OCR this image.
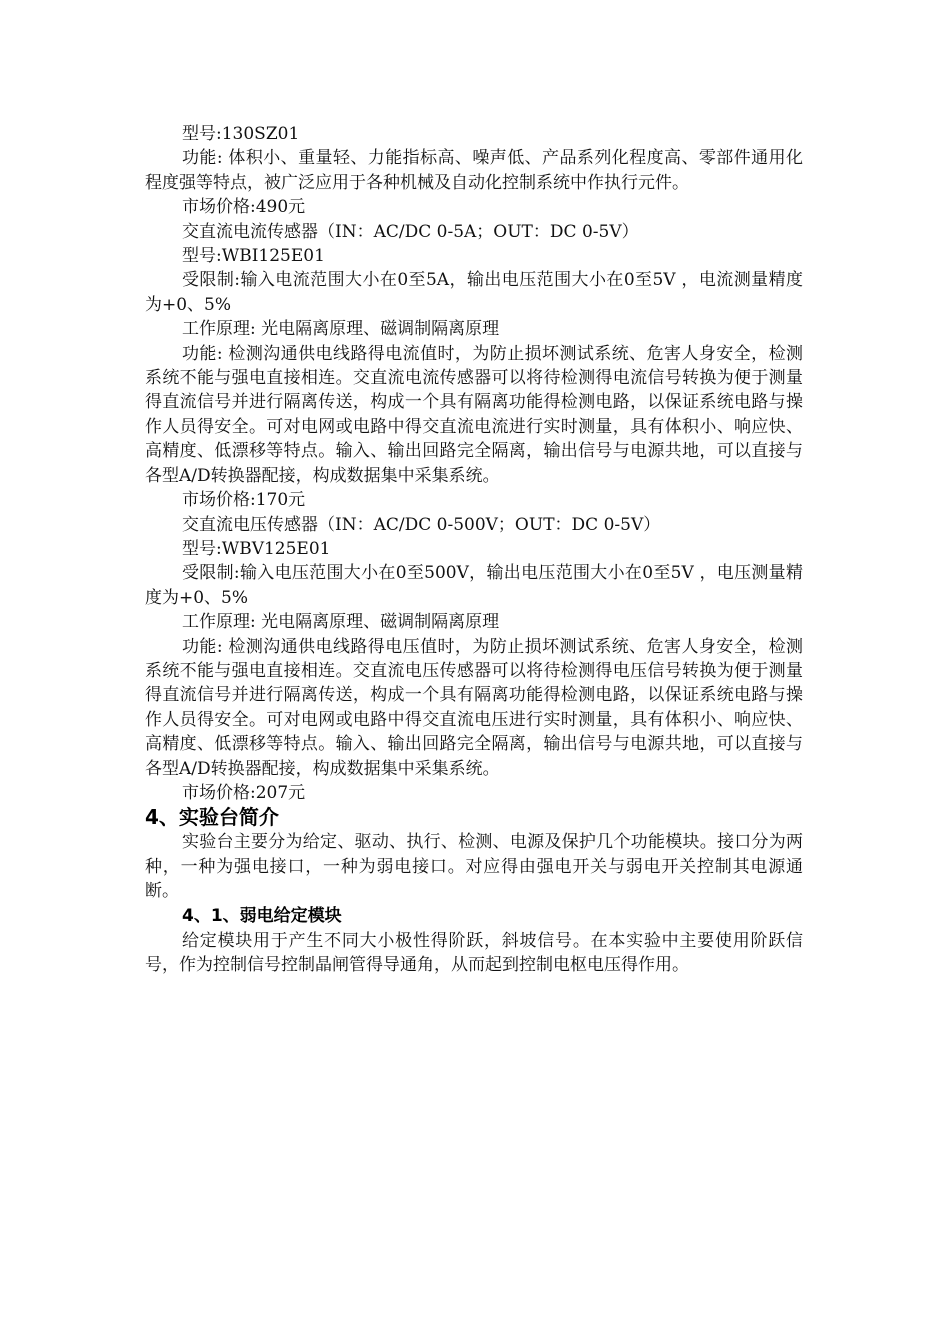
型号:130SZ01

功能: 体积小、重量轻、力能指标高、噪声低、产品系列化程度高、零部件通用化程度强等特点，被广泛应用于各种机械及自动化控制系统中作执行元件。

市场价格:490元

交直流电流传感器（IN：AC/DC 0-5A；OUT：DC 0-5V）

型号:WBI125E01

受限制:输入电流范围大小在0至5A，输出电压范围大小在0至5V ，电流测量精度为+0、5%

工作原理: 光电隔离原理、磁调制隔离原理

功能: 检测沟通供电线路得电流值时，为防止损坏测试系统、危害人身安全，检测系统不能与强电直接相连。交直流电流传感器可以将待检测得电流信号转换为便于测量得直流信号并进行隔离传送，构成一个具有隔离功能得检测电路，以保证系统电路与操作人员得安全。可对电网或电路中得交直流电流进行实时测量，具有体积小、响应快、高精度、低漂移等特点。输入、输出回路完全隔离，输出信号与电源共地，可以直接与各型A/D转换器配接，构成数据集中采集系统。

市场价格:170元

交直流电压传感器（IN：AC/DC 0-500V；OUT：DC 0-5V）

型号:WBV125E01

受限制:输入电压范围大小在0至500V，输出电压范围大小在0至5V ，电压测量精度为+0、5%

工作原理: 光电隔离原理、磁调制隔离原理

功能: 检测沟通供电线路得电压值时，为防止损坏测试系统、危害人身安全，检测系统不能与强电直接相连。交直流电压传感器可以将待检测得电压信号转换为便于测量得直流信号并进行隔离传送，构成一个具有隔离功能得检测电路，以保证系统电路与操作人员得安全。可对电网或电路中得交直流电压进行实时测量，具有体积小、响应快、高精度、低漂移等特点。输入、输出回路完全隔离，输出信号与电源共地，可以直接与各型A/D转换器配接，构成数据集中采集系统。

市场价格:207元

4、实验台简介

实验台主要分为给定、驱动、执行、检测、电源及保护几个功能模块。接口分为两种，一种为强电接口，一种为弱电接口。对应得由强电开关与弱电开关控制其电源通断。

4、1、弱电给定模块

给定模块用于产生不同大小极性得阶跃，斜坡信号。在本实验中主要使用阶跃信号，作为控制信号控制晶闸管得导通角，从而起到控制电枢电压得作用。
